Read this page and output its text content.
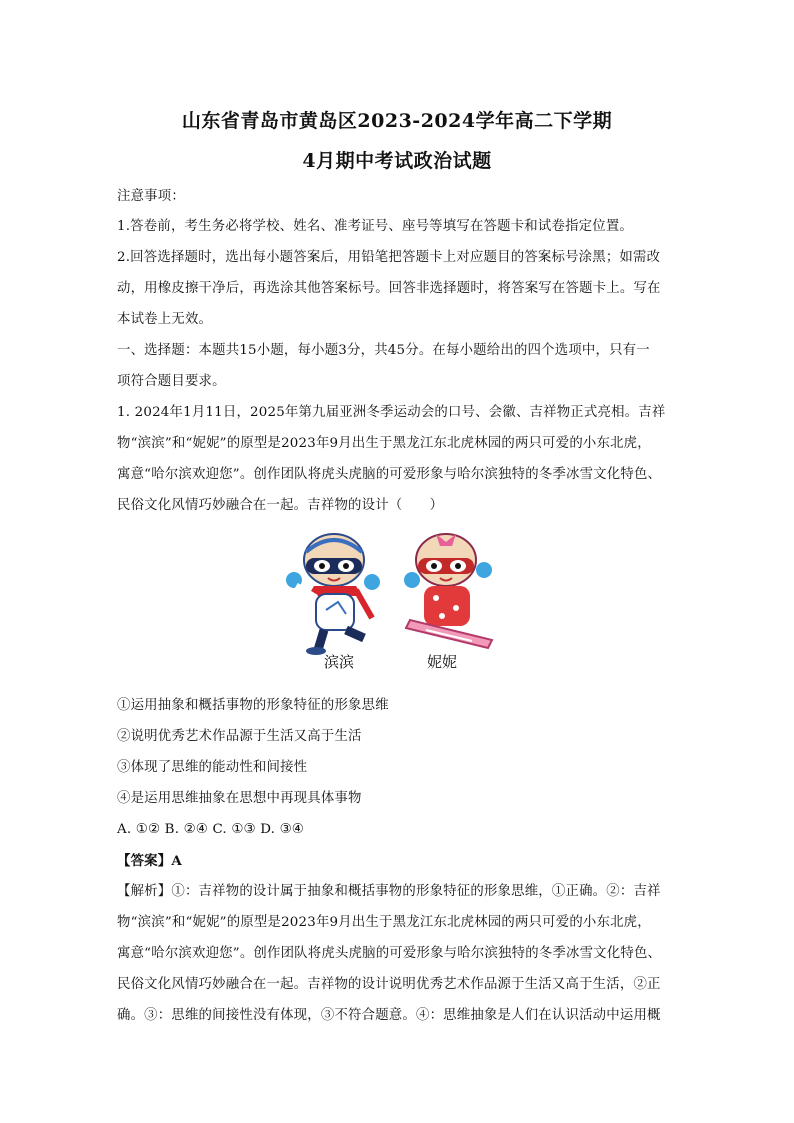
山东省青岛市黄岛区2023-2024学年高二下学期
4月期中考试政治试题
注意事项：
1.答卷前，考生务必将学校、姓名、准考证号、座号等填写在答题卡和试卷指定位置。
2.回答选择题时，选出每小题答案后，用铅笔把答题卡上对应题目的答案标号涂黑；如需改
动，用橡皮擦干净后，再选涂其他答案标号。回答非选择题时，将答案写在答题卡上。写在
本试卷上无效。
一、选择题：本题共15小题，每小题3分，共45分。在每小题给出的四个选项中，只有一
项符合题目要求。
1. 2024年1月11日，2025年第九届亚洲冬季运动会的口号、会徽、吉祥物正式亮相。吉祥
物“滨滨”和“妮妮”的原型是2023年9月出生于黑龙江东北虎林园的两只可爱的小东北虎，
寓意“哈尔滨欢迎您”。创作团队将虎头虎脑的可爱形象与哈尔滨独特的冬季冰雪文化特色、
民俗文化风情巧妙融合在一起。吉祥物的设计（　　）
滨滨	妮妮
①运用抽象和概括事物的形象特征的形象思维
②说明优秀艺术作品源于生活又高于生活
③体现了思维的能动性和间接性
④是运用思维抽象在思想中再现具体事物
A. ①② B. ②④ C. ①③ D. ③④
【答案】A
【解析】①：吉祥物的设计属于抽象和概括事物的形象特征的形象思维，①正确。②：吉祥
物“滨滨”和“妮妮”的原型是2023年9月出生于黑龙江东北虎林园的两只可爱的小东北虎，
寓意“哈尔滨欢迎您”。创作团队将虎头虎脑的可爱形象与哈尔滨独特的冬季冰雪文化特色、
民俗文化风情巧妙融合在一起。吉祥物的设计说明优秀艺术作品源于生活又高于生活，②正
确。③：思维的间接性没有体现，③不符合题意。④：思维抽象是人们在认识活动中运用概
